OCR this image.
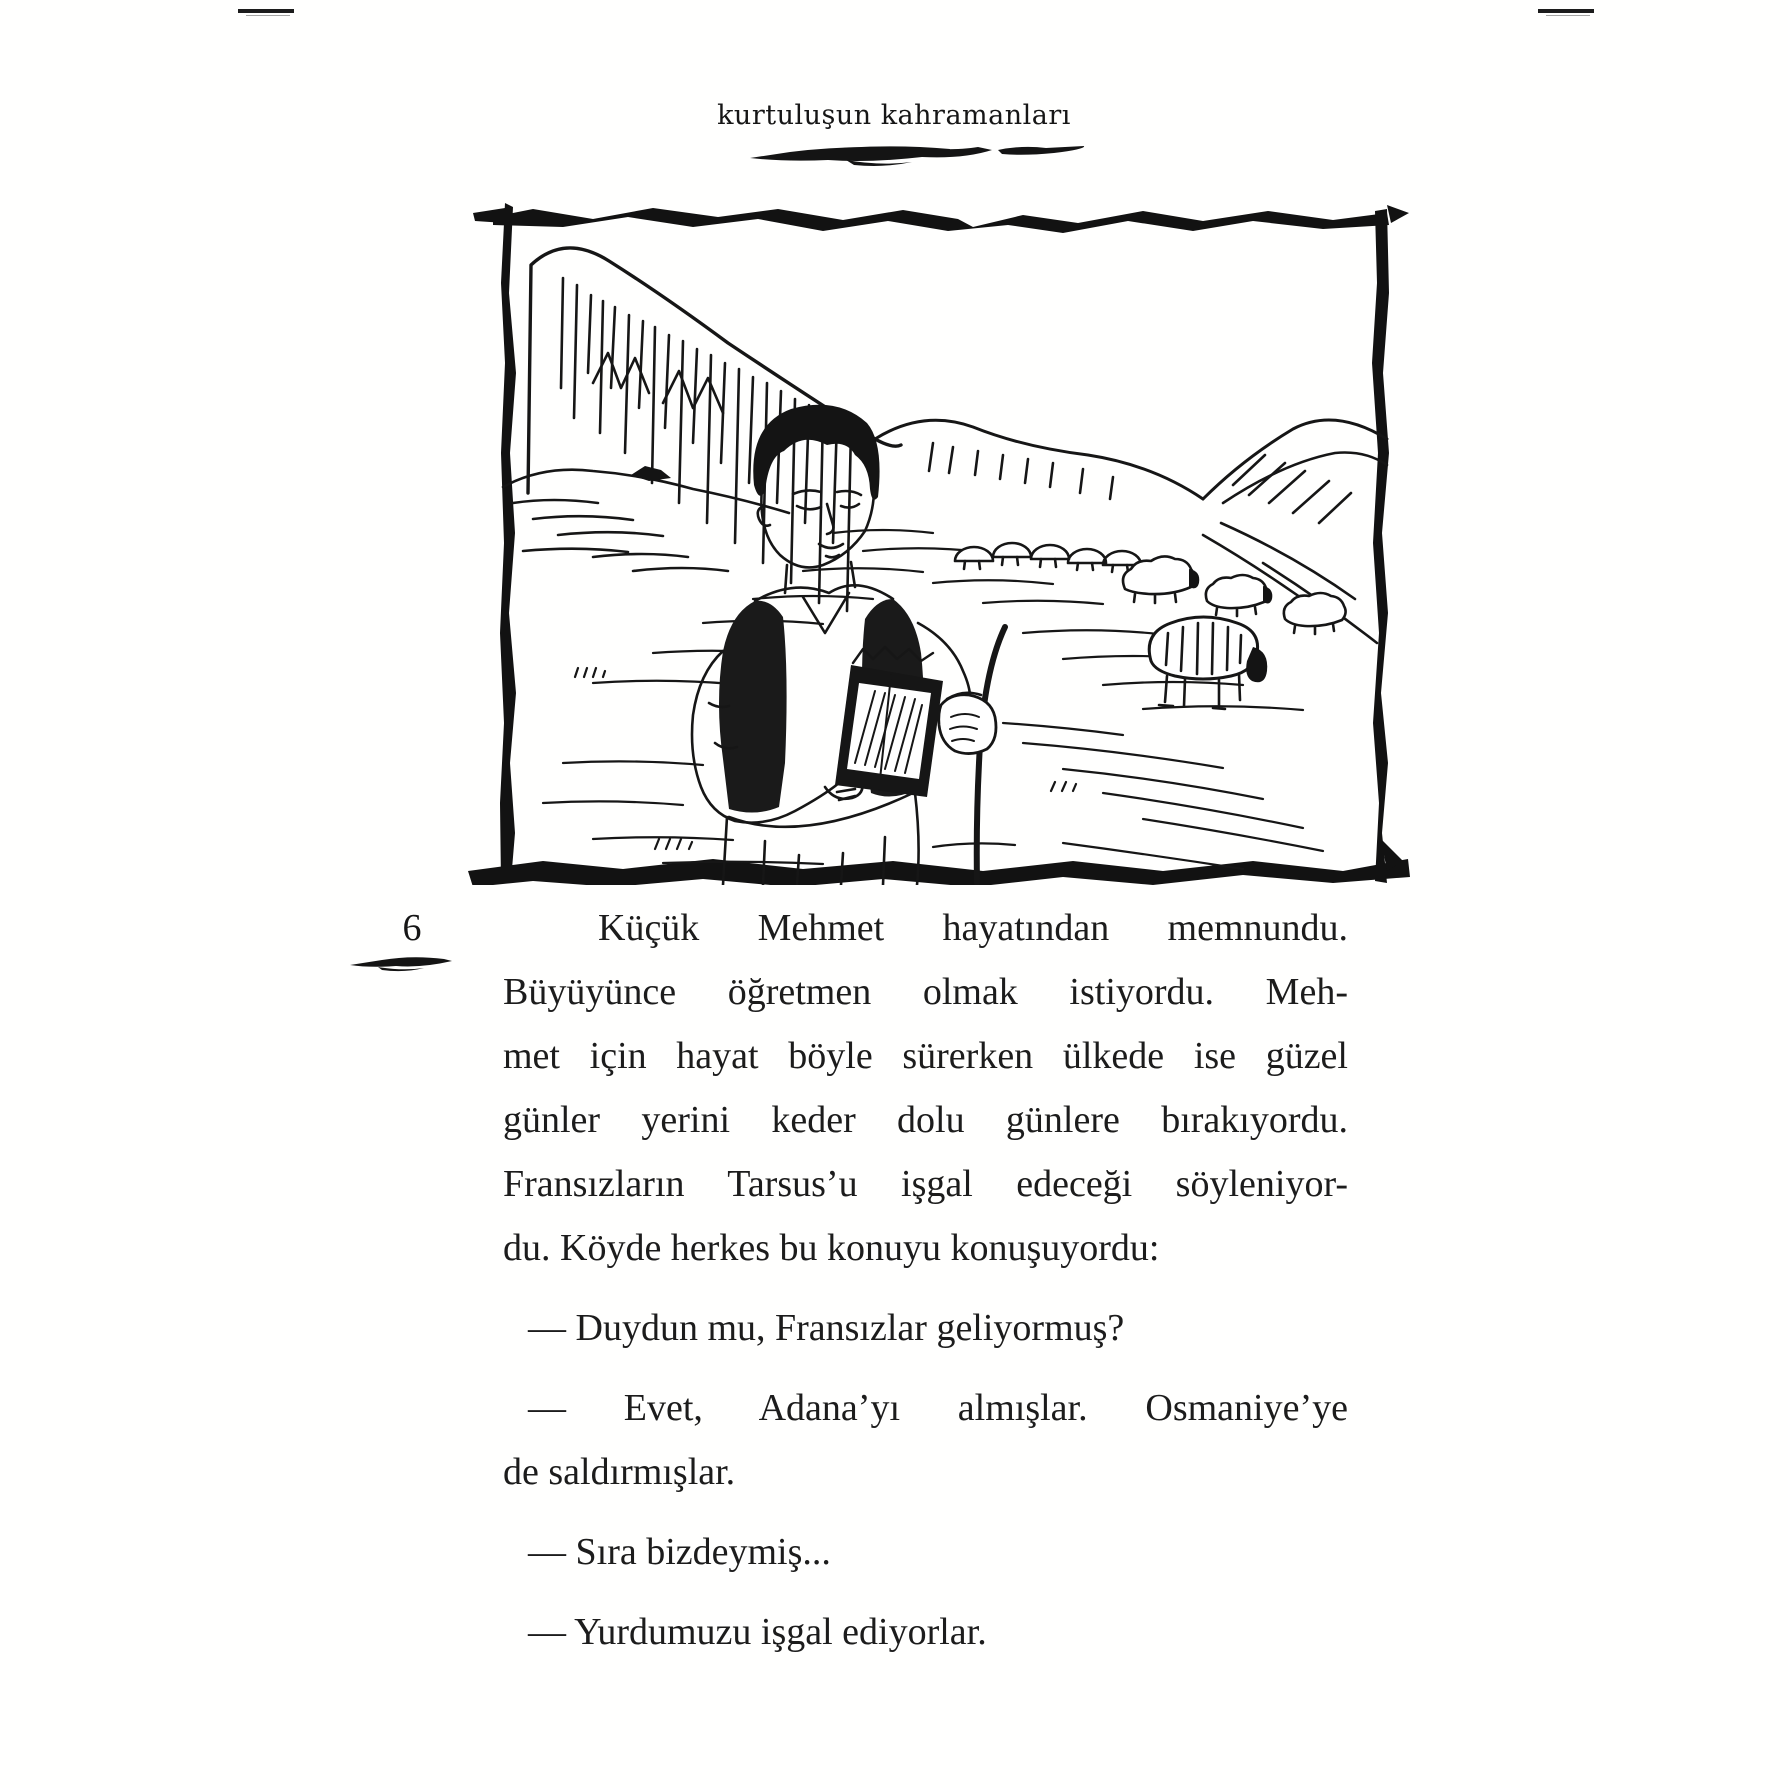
kurtuluşun kahramanları
6	Küçük Mehmet hayatından memnundu.
Büyüyünce öğretmen olmak istiyordu. Meh-
met için hayat böyle sürerken ülkede ise güzel
günler yerini keder dolu günlere bırakıyordu.
Fransızların Tarsus’u işgal edeceği söyleniyor-
du. Köyde herkes bu konuyu konuşuyordu:
— Duydun mu, Fransızlar geliyormuş?
— Evet, Adana’yı almışlar. Osmaniye’ye
de saldırmışlar.
— Sıra bizdeymiş...
— Yurdumuzu işgal ediyorlar.
